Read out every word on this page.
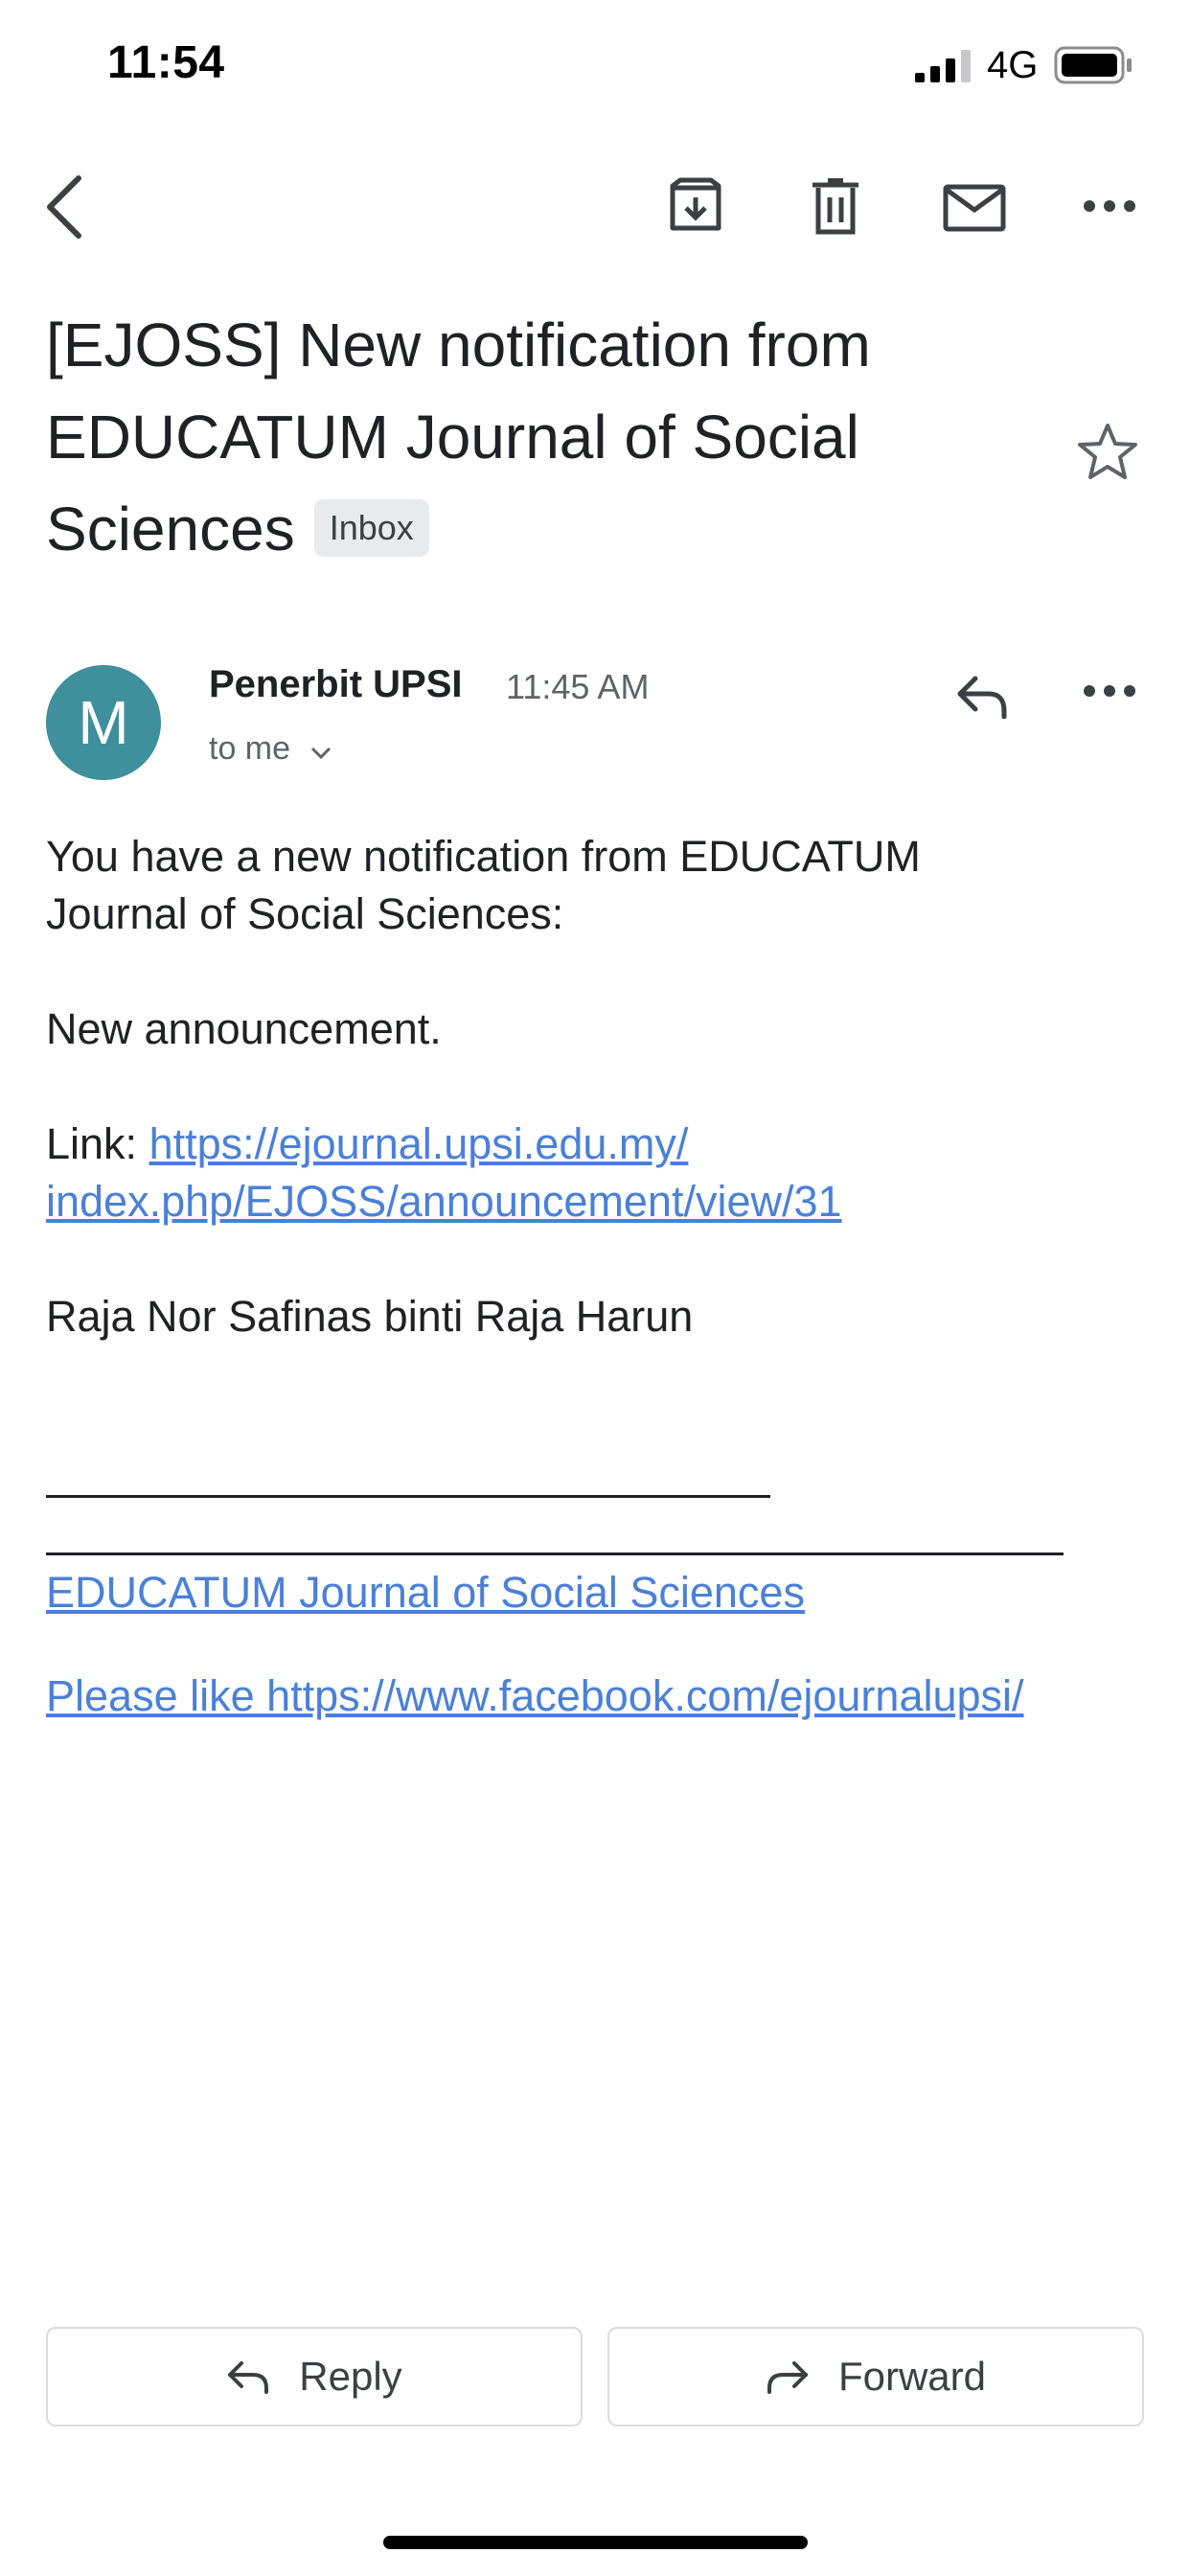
11:54	4G
[EJOSS] New notification from EDUCATUM Journal of Social Sciences Inbox
M
Penerbit UPSI 11:45 AM
to me
You have a new notification from EDUCATUM Journal of Social Sciences:
New announcement.
Link: https://ejournal.upsi.edu.my/
index.php/EJOSS/announcement/view/31
Raja Nor Safinas binti Raja Harun
EDUCATUM Journal of Social Sciences
Please like https://www.facebook.com/ejournalupsi/
Reply	Forward
